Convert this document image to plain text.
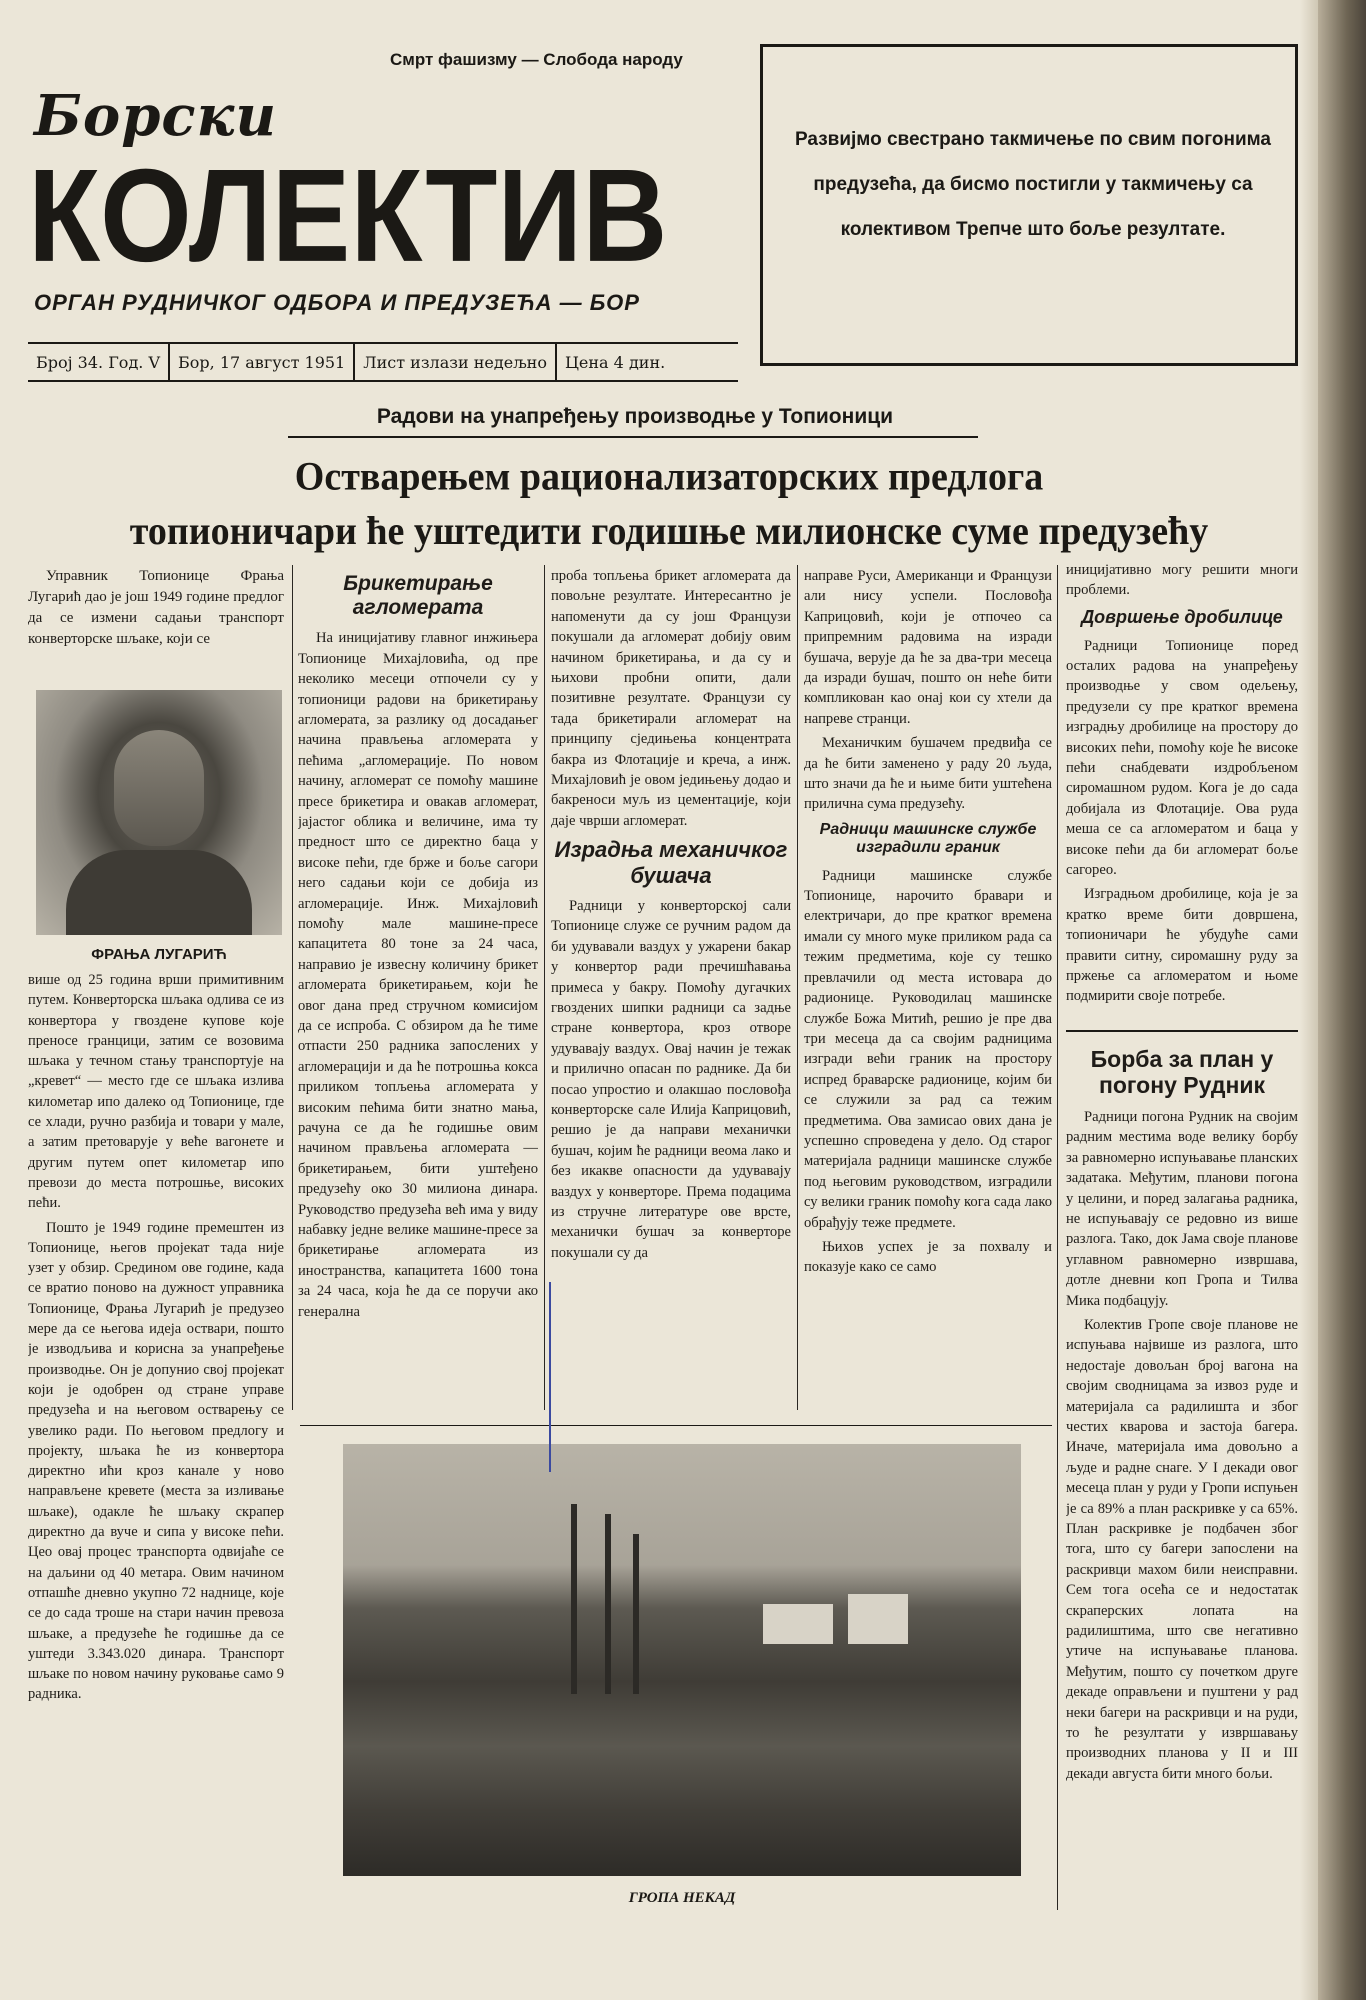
Смрт фашизму — Слобода народу
Борски
КОЛЕКТИВ
ОРГАН РУДНИЧКОГ ОДБОРА И ПРЕДУЗЕЋА — БОР
Број 34. Год. V	Бор, 17 август 1951	Лист излази недељно	Цена 4 дин.
Развијмо свестрано такмичење по свим погонима предузећа, да бисмо постигли у такмичењу са колективом Трепче што боље резултате.
Радови на унапређењу производње у Топионици
Остварењем рационализаторских предлога
топионичари ће уштедити годишње милионске суме предузећу

Управник Топионице Фрања Лугарић дао је још 1949 године предлог да се измени садањи транспорт конверторске шљаке, који се

ФРАЊА ЛУГАРИЋ

више од 25 година врши примитивним путем. Конверторска шљака одлива се из конвертора у гвоздене купове које преносе гранцици, затим се возовима шљака у течном стању транспортује на „кревет“ — место где се шљака излива километар ипо далеко од Топионице, где се хлади, ручно разбија и товари у мале, а затим претоварује у веће вагонете и другим путем опет километар ипо превози до места потрошње, високих пећи.

Пошто је 1949 године премештен из Топионице, његов пројекат тада није узет у обзир. Средином ове године, када се вратио поново на дужност управника Топионице, Фрања Лугарић је предузео мере да се његова идеја оствари, пошто је изводљива и корисна за унапређење производње. Он је допунио свој пројекат који је одобрен од стране управе предузећа и на његовом остварењу се увелико ради. По његовом предлогу и пројекту, шљака ће из конвертора директно ићи кроз канале у ново направљене кревете (места за изливање шљаке), одакле ће шљаку скрапер директно да вуче и сипа у високе пећи. Цео овај процес транспорта одвијаће се на даљини од 40 метара. Овим начином отпашће дневно укупно 72 наднице, које се до сада троше на стари начин превоза шљаке, а предузеће ће годишње да се уштеди 3.343.020 динара. Транспорт шљаке по новом начину руковање само 9 радника.

Брикетирање агломерата

На иницијативу главног инжињера Топионице Михајловића, од пре неколико месеци отпочели су у топионици радови на брикетирању агломерата, за разлику од досадањег начина прављења агломерата у пећима „агломерације. По новом начину, агломерат се помоћу машине пресе брикетира и овакав агломерат, јајастог облика и величине, има ту предност што се директно баца у високе пећи, где брже и боље сагори него садањи који се добија из агломерације. Инж. Михајловић помоћу мале машине-пресе капацитета 80 тоне за 24 часа, направио је извесну количину брикет агломерата брикетирањем, који ће овог дана пред стручном комисијом да се испроба. С обзиром да ће тиме отпасти 250 радника запослених у агломерацији и да ће потрошња кокса приликом топљења агломерата у високим пећима бити знатно мања, рачуна се да ће годишње овим начином прављења агломерата — брикетирањем, бити уштеђено предузећу око 30 милиона динара. Руководство предузећа већ има у виду набавку једне велике машине-пресе за брикетирање агломерата из иностранства, капацитета 1600 тона за 24 часа, која ће да се поручи ако генерална

проба топљења брикет агломерата да повољне резултате. Интересантно је напоменути да су још Французи покушали да агломерат добију овим начином брикетирања, и да су и њихови пробни опити, дали позитивне резултате. Французи су тада брикетирали агломерат на принципу сједињења концентрата бакра из Флотације и креча, а инж. Михајловић је овом једињењу додао и бакреноси муљ из цементације, који даје чврши агломерат.

Израдња механичког бушача

Радници у конверторској сали Топионице служе се ручним радом да би удувавали ваздух у ужарени бакар у конвертор ради пречишћавања примеса у бакру. Помоћу дугачких гвоздених шипки радници са задње стране конвертора, кроз отворе удувавају ваздух. Овај начин је тежак и прилично опасан по раднике. Да би посао упростио и олакшао пословођа конверторске сале Илија Каприцовић, решио је да направи механички бушач, којим ће радници веома лако и без икакве опасности да удувавају ваздух у конверторе. Према подацима из стручне литературе ове врсте, механички бушач за конверторе покушали су да

направе Руси, Американци и Французи али нису успели. Пословођа Каприцовић, који је отпочео са припремним радовима на изради бушача, верује да ће за два-три месеца да изради бушач, пошто он неће бити компликован као онај кои су хтели да напреве странци.

Механичким бушачем предвиђа се да ће бити заменено у раду 20 људа, што значи да ће и њиме бити уштећена прилична сума предузећу.

Радници машинске службе изградили граник

Радници машинске службе Топионице, нарочито бравари и електричари, до пре кратког времена имали су много муке приликом рада са тежим предметима, које су тешко превлачили од места истовара до радионице. Руководилац машинске службе Божа Митић, решио је пре два три месеца да са својим радницима изгради већи граник на простору испред браварске радионице, којим би се служили за рад са тежим предметима. Ова замисао ових дана је успешно спроведена у дело. Од старог материјала радници машинске службе под његовим руководством, изградили су велики граник помоћу кога сада лако обрађују теже предмете.

Њихов успех је за похвалу и показује како се само

иницијативно могу решити многи проблеми.

Довршење дробилице

Радници Топионице поред осталих радова на унапређењу производње у свом одељењу, предузели су пре кратког времена изградњу дробилице на простору до високих пећи, помоћу које ће високе пећи снабдевати издробљеном сиромашном рудом. Кога је до сада добијала из Флотације. Ова руда меша се са агломератом и баца у високе пећи да би агломерат боље сагорео.

Изградњом дробилице, која је за кратко време бити довршена, топионичари ће убудуће сами правити ситну, сиромашну руду за пржење са агломератом и њоме подмирити своје потребе.

Борба за план у погону Рудник

Радници погона Рудник на својим радним местима воде велику борбу за равномерно испуњавање планских задатака. Међутим, планови погона у целини, и поред залагања радника, не испуњавају се редовно из више разлога. Тако, док Јама своје планове углавном равномерно извршава, дотле дневни коп Гропа и Тилва Мика подбацују.

Колектив Гропе своје планове не испуњава највише из разлога, што недостаје довољан број вагона на својим сводницама за извоз руде и материјала са радилишта и због честих кварова и застоја багера. Иначе, материјала има довољно а људе и радне снаге. У I декади овог месеца план у руди у Гропи испуњен је са 89% а план раскривке у са 65%. План раскривке је подбачен због тога, што су багери запослени на раскривци махом били неисправни. Сем тога осећа се и недостатак скраперских лопата на радилиштима, што све негативно утиче на испуњавање планова. Међутим, пошто су почетком друге декаде оправљени и пуштени у рад неки багери на раскривци и на руди, то ће резултати у извршавању производних планова у II и III декади августа бити много бољи.

ГРОПА НЕКАД
